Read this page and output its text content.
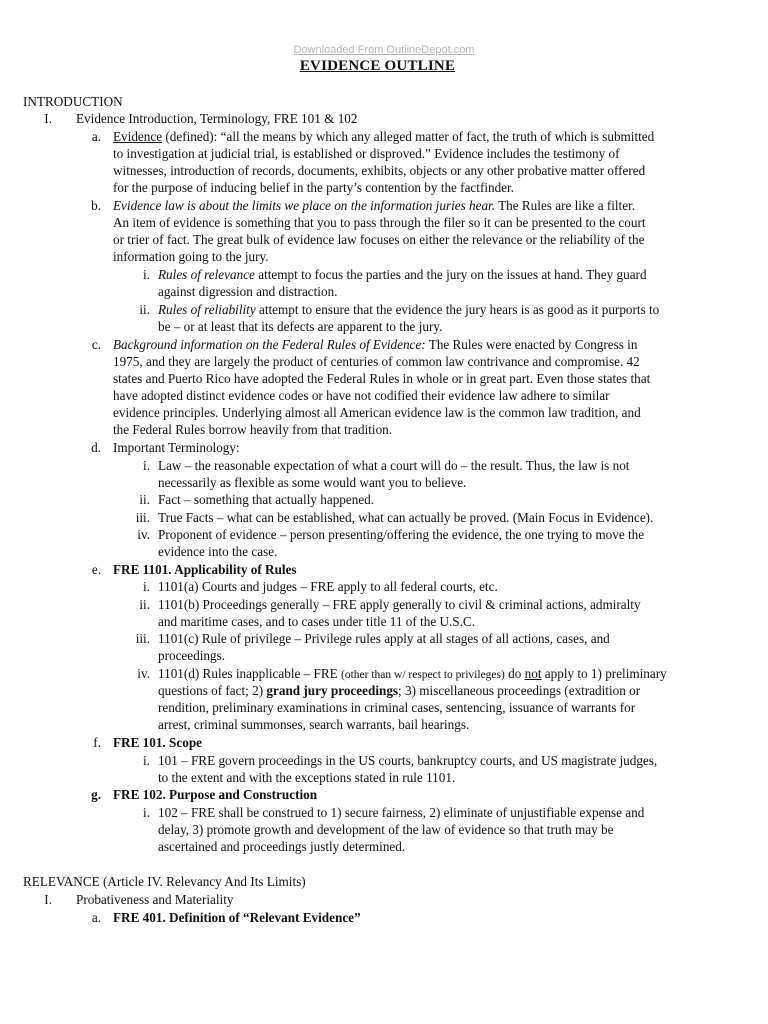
Downloaded From OutlineDepot.com
EVIDENCE OUTLINE
INTRODUCTION
I. Evidence Introduction, Terminology, FRE 101 & 102
a. Evidence (defined): “all the means by which any alleged matter of fact, the truth of which is submitted
to investigation at judicial trial, is established or disproved.” Evidence includes the testimony of
witnesses, introduction of records, documents, exhibits, objects or any other probative matter offered
for the purpose of inducing belief in the party’s contention by the factfinder.
b. Evidence law is about the limits we place on the information juries hear. The Rules are like a filter.
An item of evidence is something that you to pass through the filer so it can be presented to the court
or trier of fact. The great bulk of evidence law focuses on either the relevance or the reliability of the
information going to the jury.
i. Rules of relevance attempt to focus the parties and the jury on the issues at hand. They guard
against digression and distraction.
ii. Rules of reliability attempt to ensure that the evidence the jury hears is as good as it purports to
be – or at least that its defects are apparent to the jury.
c. Background information on the Federal Rules of Evidence: The Rules were enacted by Congress in
1975, and they are largely the product of centuries of common law contrivance and compromise. 42
states and Puerto Rico have adopted the Federal Rules in whole or in great part. Even those states that
have adopted distinct evidence codes or have not codified their evidence law adhere to similar
evidence principles. Underlying almost all American evidence law is the common law tradition, and
the Federal Rules borrow heavily from that tradition.
d. Important Terminology:
i. Law – the reasonable expectation of what a court will do – the result. Thus, the law is not
necessarily as flexible as some would want you to believe.
ii. Fact – something that actually happened.
iii. True Facts – what can be established, what can actually be proved. (Main Focus in Evidence).
iv. Proponent of evidence – person presenting/offering the evidence, the one trying to move the
evidence into the case.
e. FRE 1101. Applicability of Rules
i. 1101(a) Courts and judges – FRE apply to all federal courts, etc.
ii. 1101(b) Proceedings generally – FRE apply generally to civil & criminal actions, admiralty
and maritime cases, and to cases under title 11 of the U.S.C.
iii. 1101(c) Rule of privilege – Privilege rules apply at all stages of all actions, cases, and
proceedings.
iv. 1101(d) Rules inapplicable – FRE (other than w/ respect to privileges) do not apply to 1) preliminary
questions of fact; 2) grand jury proceedings; 3) miscellaneous proceedings (extradition or
rendition, preliminary examinations in criminal cases, sentencing, issuance of warrants for
arrest, criminal summonses, search warrants, bail hearings.
f. FRE 101. Scope
i. 101 – FRE govern proceedings in the US courts, bankruptcy courts, and US magistrate judges,
to the extent and with the exceptions stated in rule 1101.
g. FRE 102. Purpose and Construction
i. 102 – FRE shall be construed to 1) secure fairness, 2) eliminate of unjustifiable expense and
delay, 3) promote growth and development of the law of evidence so that truth may be
ascertained and proceedings justly determined.
RELEVANCE (Article IV. Relevancy And Its Limits)
I. Probativeness and Materiality
a. FRE 401. Definition of “Relevant Evidence”
